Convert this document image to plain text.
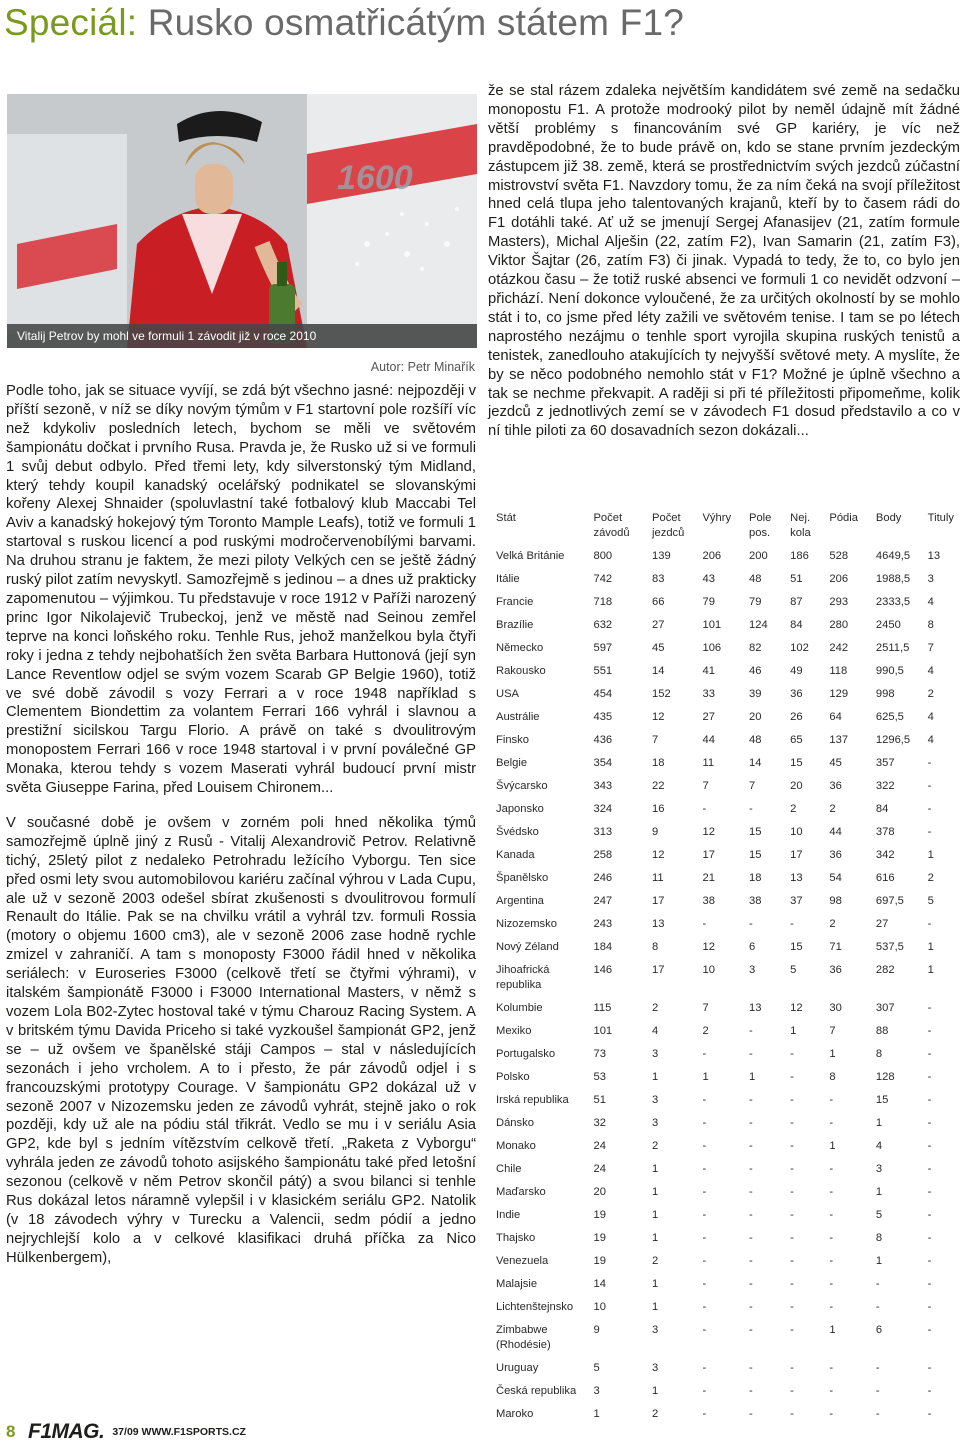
Speciál: Rusko osmatřicátým státem F1?
1600
Vitalij Petrov by mohl ve formuli 1 závodit již v roce 2010
Autor: Petr Minařík

Podle toho, jak se situace vyvíjí, se zdá být všechno jasné: nejpozději v příští sezoně, v níž se díky novým týmům v F1 startovní pole rozšíří víc než kdykoliv posledních letech, bychom se měli ve světovém šampionátu dočkat i prvního Rusa. Pravda je, že Rusko už si ve formuli 1 svůj debut odbylo. Před třemi lety, kdy silverstonský tým Midland, který tehdy koupil kanadský ocelářský podnikatel se slovanskými kořeny Alexej Shnaider (spoluvlastní také fotbalový klub Maccabi Tel Aviv a kanadský hokejový tým Toronto Mample Leafs), totiž ve formuli 1 startoval s ruskou licencí a pod ruskými modročervenobílými barvami. Na druhou stranu je faktem, že mezi piloty Velkých cen se ještě žádný ruský pilot zatím nevyskytl. Samozřejmě s jedinou – a dnes už prakticky zapomenutou – výjimkou. Tu představuje v roce 1912 v Paříži narozený princ Igor Nikolajevič Trubeckoj, jenž ve městě nad Seinou zemřel teprve na konci loňského roku. Tenhle Rus, jehož manželkou byla čtyři roky i jedna z tehdy nejbohatších žen světa Barbara Huttonová (její syn Lance Reventlow odjel se svým vozem Scarab GP Belgie 1960), totiž ve své době závodil s vozy Ferrari a v roce 1948 například s Clementem Biondettim za volantem Ferrari 166 vyhrál i slavnou a prestižní sicilskou Targu Florio. A právě on také s dvoulitrovým monopostem Ferrari 166 v roce 1948 startoval i v první poválečné GP Monaka, kterou tehdy s vozem Maserati vyhrál budoucí první mistr světa Giuseppe Farina, před Louisem Chironem...

V současné době je ovšem v zorném poli hned několika týmů samozřejmě úplně jiný z Rusů - Vitalij Alexandrovič Petrov. Relativně tichý, 25letý pilot z nedaleko Petrohradu ležícího Vyborgu. Ten sice před osmi lety svou automobilovou kariéru začínal výhrou v Lada Cupu, ale už v sezoně 2003 odešel sbírat zkušenosti s dvoulitrovou formulí Renault do Itálie. Pak se na chvilku vrátil a vyhrál tzv. formuli Rossia (motory o objemu 1600 cm3), ale v sezoně 2006 zase hodně rychle zmizel v zahraničí. A tam s monoposty F3000 řádil hned v několika seriálech: v Euroseries F3000 (celkově třetí se čtyřmi výhrami), v italském šampionátě F3000 i F3000 International Masters, v němž s vozem Lola B02-Zytec hostoval také v týmu Charouz Racing System. A v britském týmu Davida Priceho si také vyzkoušel šampionát GP2, jenž se – už ovšem ve španělské stáji Campos – stal v následujících sezonách i jeho vrcholem. A to i přesto, že pár závodů odjel i s francouzskými prototypy Courage. V šampionátu GP2 dokázal už v sezoně 2007 v Nizozemsku jeden ze závodů vyhrát, stejně jako o rok později, kdy už ale na pódiu stál třikrát. Vedlo se mu i v seriálu Asia GP2, kde byl s jedním vítězstvím celkově třetí. „Raketa z Vyborgu“ vyhrála jeden ze závodů tohoto asijského šampionátu také před letošní sezonou (celkově v něm Petrov skončil pátý) a svou bilanci si tenhle Rus dokázal letos náramně vylepšil i v klasickém seriálu GP2. Natolik (v 18 závodech výhry v Turecku a Valencii, sedm pódií a jedno nejrychlejší kolo a v celkové klasifikaci druhá příčka za Nico Hülkenbergem),

že se stal rázem zdaleka největším kandidátem své země na sedačku monopostu F1. A protože modrooký pilot by neměl údajně mít žádné větší problémy s financováním své GP kariéry, je víc než pravděpodobné, že to bude právě on, kdo se stane prvním jezdeckým zástupcem již 38. země, která se prostřednictvím svých jezdců zúčastní mistrovství světa F1. Navzdory tomu, že za ním čeká na svojí příležitost hned celá tlupa jeho talentovaných krajanů, kteří by to časem rádi do F1 dotáhli také. Ať už se jmenují Sergej Afanasijev (21, zatím formule Masters), Michal Alješin (22, zatím F2), Ivan Samarin (21, zatím F3), Viktor Šajtar (26, zatím F3) či jinak. Vypadá to tedy, že to, co bylo jen otázkou času – že totiž ruské absenci ve formuli 1 co nevidět odzvoní – přichází. Není dokonce vyloučené, že za určitých okolností by se mohlo stát i to, co jsme před léty zažili ve světovém tenise. I tam se po létech naprostého nezájmu o tenhle sport vyrojila skupina ruských tenistů a tenistek, zanedlouho atakujících ty nejvyšší světové mety. A myslíte, že by se něco podobného nemohlo stát v F1? Možné je úplně všechno a tak se nechme překvapit. A raději si při té příležitosti připomeňme, kolik jezdců z jednotlivých zemí se v závodech F1 dosud představilo a co v ní tihle piloti za 60 dosavadních sezon dokázali...

Stát	Počet závodů	Počet jezdců	Výhry	Pole pos.	Nej. kola	Pódia	Body	Tituly
Velká Británie	800	139	206	200	186	528	4649,5	13
Itálie	742	83	43	48	51	206	1988,5	3
Francie	718	66	79	79	87	293	2333,5	4
Brazílie	632	27	101	124	84	280	2450	8
Německo	597	45	106	82	102	242	2511,5	7
Rakousko	551	14	41	46	49	118	990,5	4
USA	454	152	33	39	36	129	998	2
Austrálie	435	12	27	20	26	64	625,5	4
Finsko	436	7	44	48	65	137	1296,5	4
Belgie	354	18	11	14	15	45	357	-
Švýcarsko	343	22	7	7	20	36	322	-
Japonsko	324	16	-	-	2	2	84	-
Švédsko	313	9	12	15	10	44	378	-
Kanada	258	12	17	15	17	36	342	1
Španělsko	246	11	21	18	13	54	616	2
Argentina	247	17	38	38	37	98	697,5	5
Nizozemsko	243	13	-	-	-	2	27	-
Nový Zéland	184	8	12	6	15	71	537,5	1
Jihoafrická republika	146	17	10	3	5	36	282	1
Kolumbie	115	2	7	13	12	30	307	-
Mexiko	101	4	2	-	1	7	88	-
Portugalsko	73	3	-	-	-	1	8	-
Polsko	53	1	1	1	-	8	128	-
Irská republika	51	3	-	-	-	-	15	-
Dánsko	32	3	-	-	-	-	1	-
Monako	24	2	-	-	-	1	4	-
Chile	24	1	-	-	-	-	3	-
Maďarsko	20	1	-	-	-	-	1	-
Indie	19	1	-	-	-	-	5	-
Thajsko	19	1	-	-	-	-	8	-
Venezuela	19	2	-	-	-	-	1	-
Malajsie	14	1	-	-	-	-	-	-
Lichtenštejnsko	10	1	-	-	-	-	-	-
Zimbabwe (Rhodésie)	9	3	-	-	-	1	6	-
Uruguay	5	3	-	-	-	-	-	-
Česká republika	3	1	-	-	-	-	-	-
Maroko	1	2	-	-	-	-	-	-
8 F1MAG. 37/09 WWW.F1SPORTS.CZ
